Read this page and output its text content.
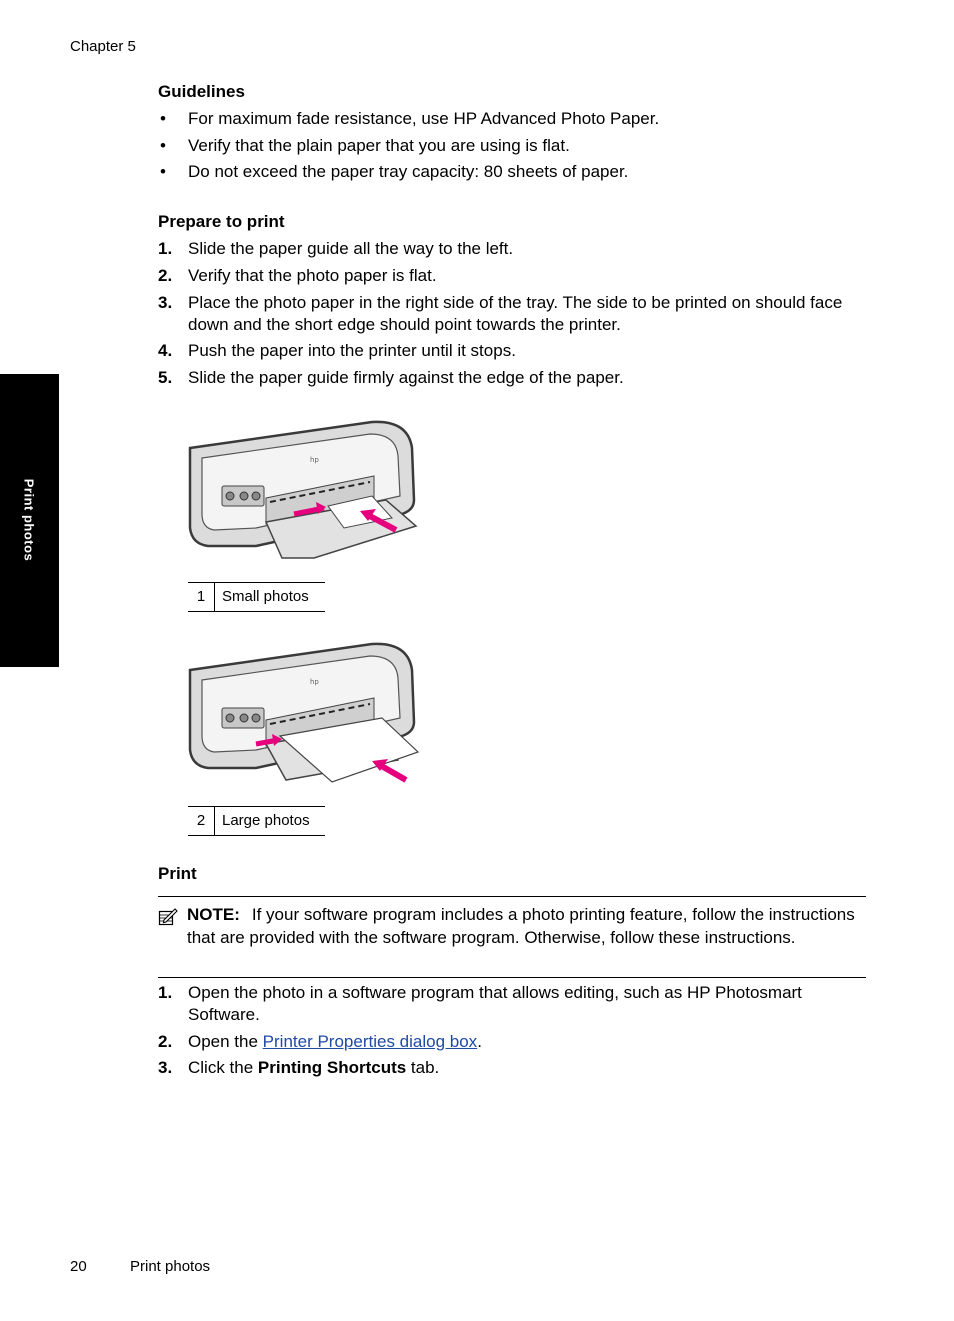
Chapter 5
Print photos
Guidelines
• For maximum fade resistance, use HP Advanced Photo Paper.
• Verify that the plain paper that you are using is flat.
• Do not exceed the paper tray capacity: 80 sheets of paper.
Prepare to print
1. Slide the paper guide all the way to the left.
2. Verify that the photo paper is flat.
3. Place the photo paper in the right side of the tray. The side to be printed on should face down and the short edge should point towards the printer.
4. Push the paper into the printer until it stops.
5. Slide the paper guide firmly against the edge of the paper.
hp
1	Small photos
hp
2	Large photos
Print
NOTE: If your software program includes a photo printing feature, follow the instructions that are provided with the software program. Otherwise, follow these instructions.
1. Open the photo in a software program that allows editing, such as HP Photosmart Software.
2. Open the Printer Properties dialog box.
3. Click the Printing Shortcuts tab.
20	Print photos
